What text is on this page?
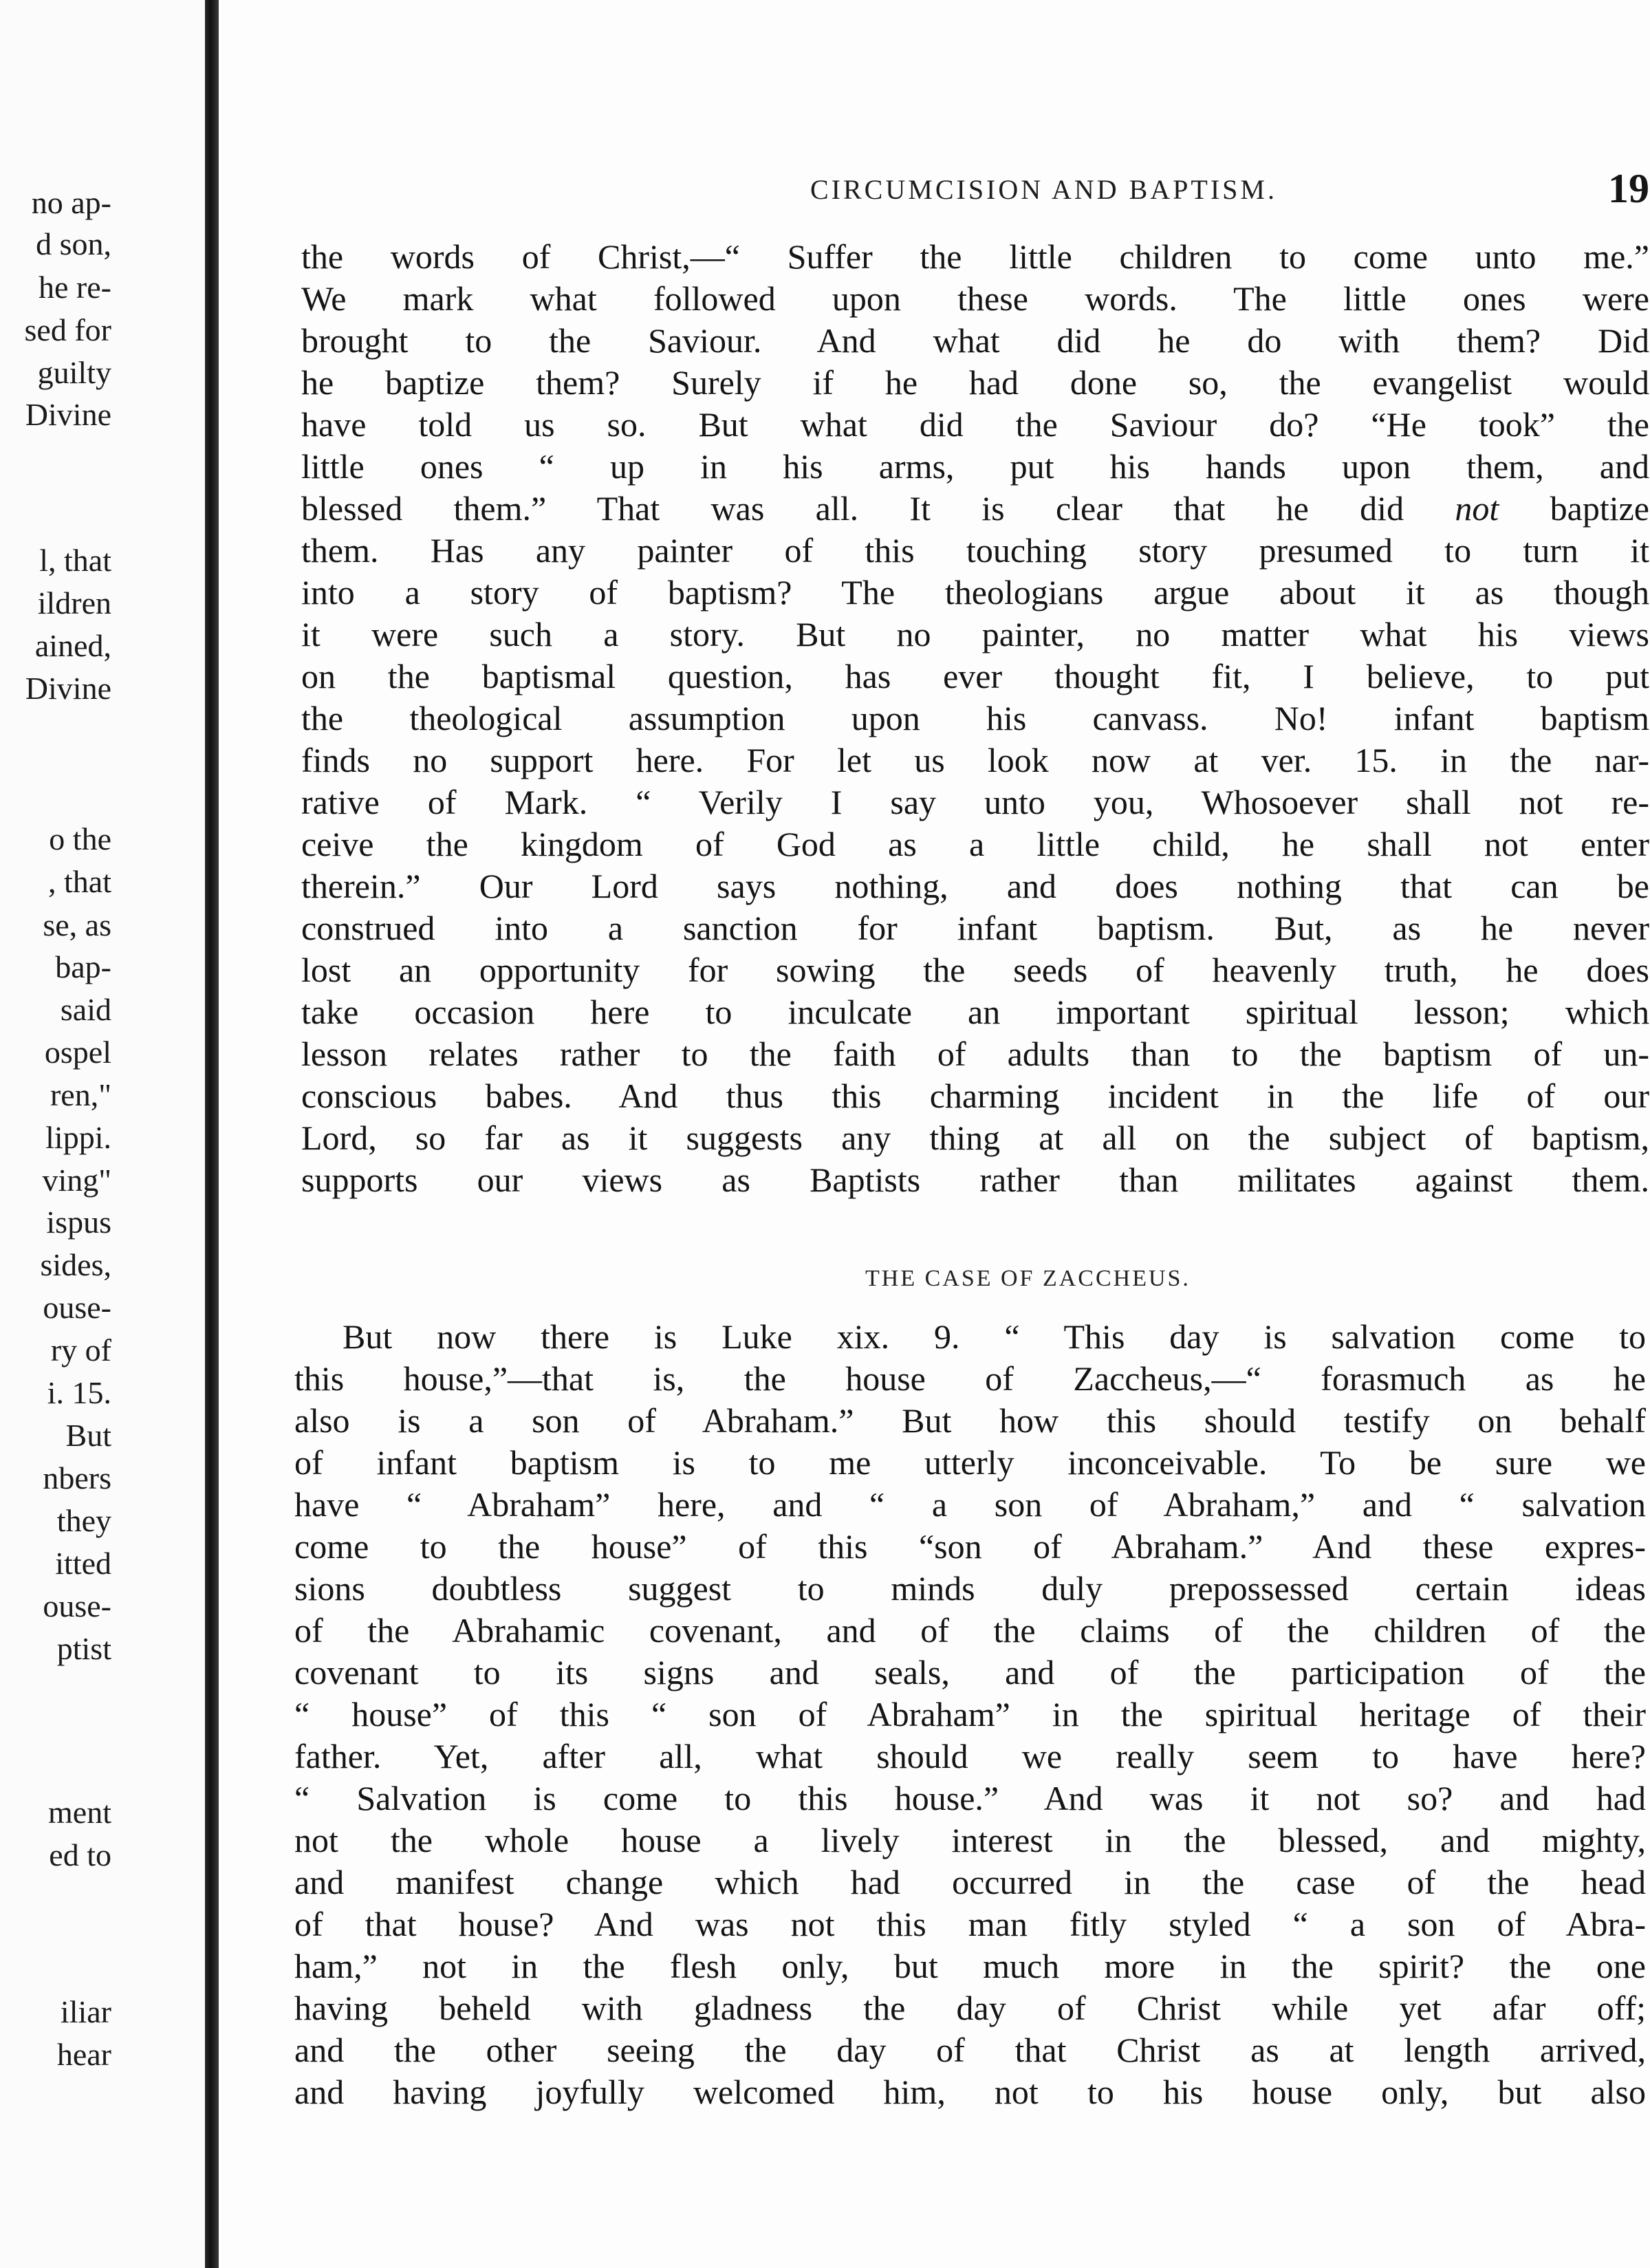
no ap-
d son,
he re-
sed for
guilty
Divine
l, that
ildren
ained,
Divine
o the
, that
se, as
bap-
said
ospel
ren,"
lippi.
ving"
ispus
sides,
ouse-
ry of
i. 15.
But
nbers
they
itted
ouse-
ptist
ment
ed to
iliar
hear
CIRCUMCISION AND BAPTISM.	19
the words of Christ,—“ Suffer the little children to come unto me.”
We mark what followed upon these words. The little ones were
brought to the Saviour. And what did he do with them? Did
he baptize them? Surely if he had done so, the evangelist would
have told us so. But what did the Saviour do? “He took” the
little ones “ up in his arms, put his hands upon them, and
blessed them.” That was all. It is clear that he did not baptize
them. Has any painter of this touching story presumed to turn it
into a story of baptism? The theologians argue about it as though
it were such a story. But no painter, no matter what his views
on the baptismal question, has ever thought fit, I believe, to put
the theological assumption upon his canvass. No! infant baptism
finds no support here. For let us look now at ver. 15. in the nar-
rative of Mark. “ Verily I say unto you, Whosoever shall not re-
ceive the kingdom of God as a little child, he shall not enter
therein.” Our Lord says nothing, and does nothing that can be
construed into a sanction for infant baptism. But, as he never
lost an opportunity for sowing the seeds of heavenly truth, he does
take occasion here to inculcate an important spiritual lesson; which
lesson relates rather to the faith of adults than to the baptism of un-
conscious babes. And thus this charming incident in the life of our
Lord, so far as it suggests any thing at all on the subject of baptism,
supports our views as Baptists rather than militates against them.
THE CASE OF ZACCHEUS.
But now there is Luke xix. 9. “ This day is salvation come to
this house,”—that is, the house of Zaccheus,—“ forasmuch as he
also is a son of Abraham.” But how this should testify on behalf
of infant baptism is to me utterly inconceivable. To be sure we
have “ Abraham” here, and “ a son of Abraham,” and “ salvation
come to the house” of this “son of Abraham.” And these expres-
sions doubtless suggest to minds duly prepossessed certain ideas
of the Abrahamic covenant, and of the claims of the children of the
covenant to its signs and seals, and of the participation of the
“ house” of this “ son of Abraham” in the spiritual heritage of their
father. Yet, after all, what should we really seem to have here?
“ Salvation is come to this house.” And was it not so? and had
not the whole house a lively interest in the blessed, and mighty,
and manifest change which had occurred in the case of the head
of that house? And was not this man fitly styled “ a son of Abra-
ham,” not in the flesh only, but much more in the spirit? the one
having beheld with gladness the day of Christ while yet afar off;
and the other seeing the day of that Christ as at length arrived,
and having joyfully welcomed him, not to his house only, but also
